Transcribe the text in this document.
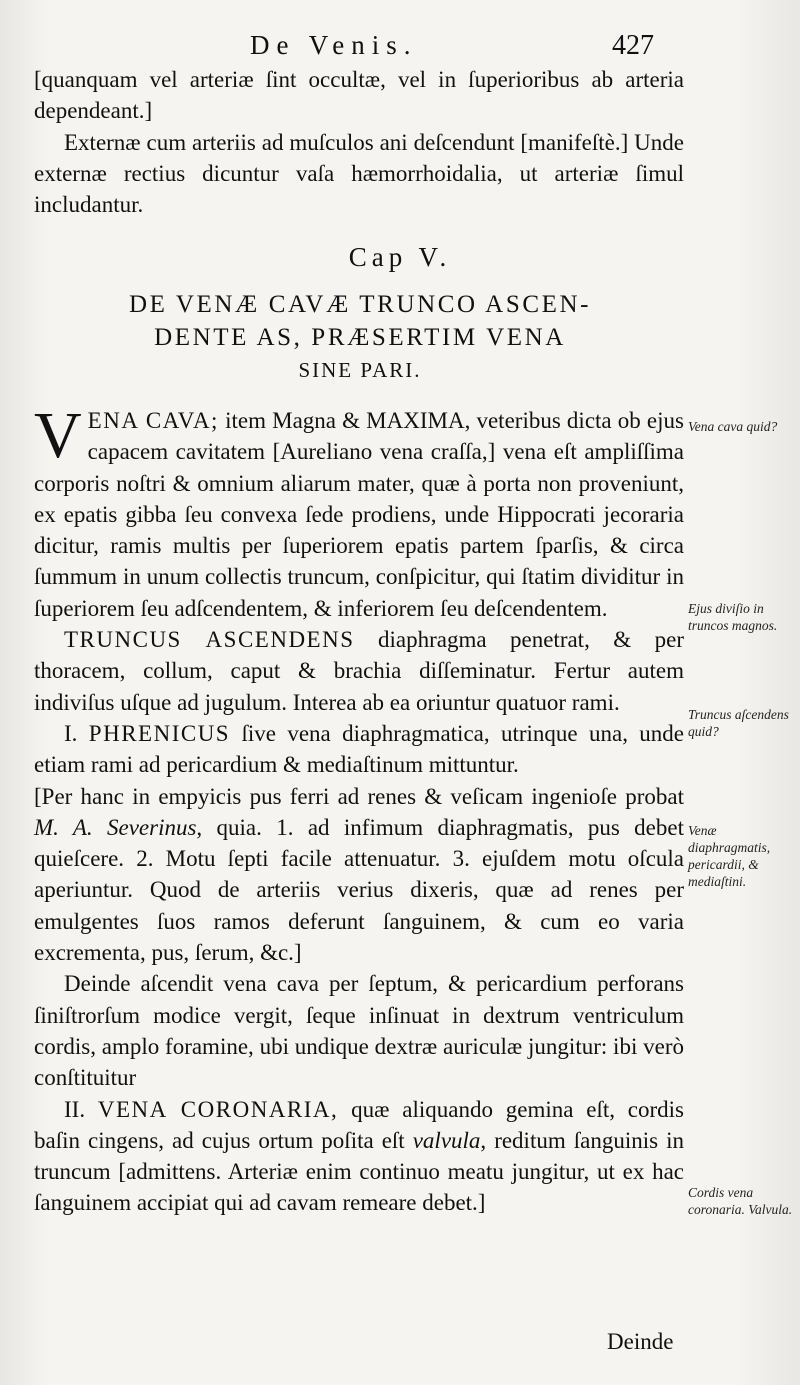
De Venis.	427

[quanquam vel arteriæ ſint occultæ, vel in ſuperioribus ab arteria dependeant.]

Externæ cum arteriis ad muſculos ani deſcendunt [manifeſtè.] Unde externæ rectius dicuntur vaſa hæmorrhoidalia, ut arteriæ ſimul includantur.

Cap V.
DE VENÆ CAVÆ TRUNCO ASCEN-
DENTE AS, PRÆSERTIM VENA
SINE PARI.

VENA CAVA; item Magna & MAXIMA, veteribus dicta ob ejus capacem cavitatem [Aureliano vena craſſa,] vena eſt ampliſſima corporis noſtri & omnium aliarum mater, quæ à porta non proveniunt, ex epatis gibba ſeu convexa ſede prodiens, unde Hippocrati jecoraria dicitur, ramis multis per ſuperiorem epatis partem ſparſis, & circa ſummum in unum collectis truncum, conſpicitur, qui ſtatim dividitur in ſuperiorem ſeu adſcendentem, & inferiorem ſeu deſcendentem.

TRUNCUS ASCENDENS diaphragma penetrat, & per thoracem, collum, caput & brachia diſſeminatur. Fertur autem indiviſus uſque ad jugulum. Interea ab ea oriuntur quatuor rami.

I. PHRENICUS ſive vena diaphragmatica, utrinque una, unde etiam rami ad pericardium & mediaſtinum mittuntur.

[Per hanc in empyicis pus ferri ad renes & veſicam ingenioſe probat M. A. Severinus, quia. 1. ad infimum diaphragmatis, pus debet quieſcere. 2. Motu ſepti facile attenuatur. 3. ejuſdem motu oſcula aperiuntur. Quod de arteriis verius dixeris, quæ ad renes per emulgentes ſuos ramos deferunt ſanguinem, & cum eo varia excrementa, pus, ſerum, &c.]

Deinde aſcendit vena cava per ſeptum, & pericardium perforans ſiniſtrorſum modice vergit, ſeque inſinuat in dextrum ventriculum cordis, amplo foramine, ubi undique dextræ auriculæ jungitur: ibi verò conſtituitur

II. VENA CORONARIA, quæ aliquando gemina eſt, cordis baſin cingens, ad cujus ortum poſita eſt valvula, reditum ſanguinis in truncum [admittens. Arteriæ enim continuo meatu jungitur, ut ex hac ſanguinem accipiat qui ad cavam remeare debet.]

Vena cava quid?
Ejus diviſio in truncos magnos.
Truncus aſcendens quid?
Venæ diaphragmatis, pericardii, & mediaſtini.
Cordis vena coronaria. Valvula.
Deinde
